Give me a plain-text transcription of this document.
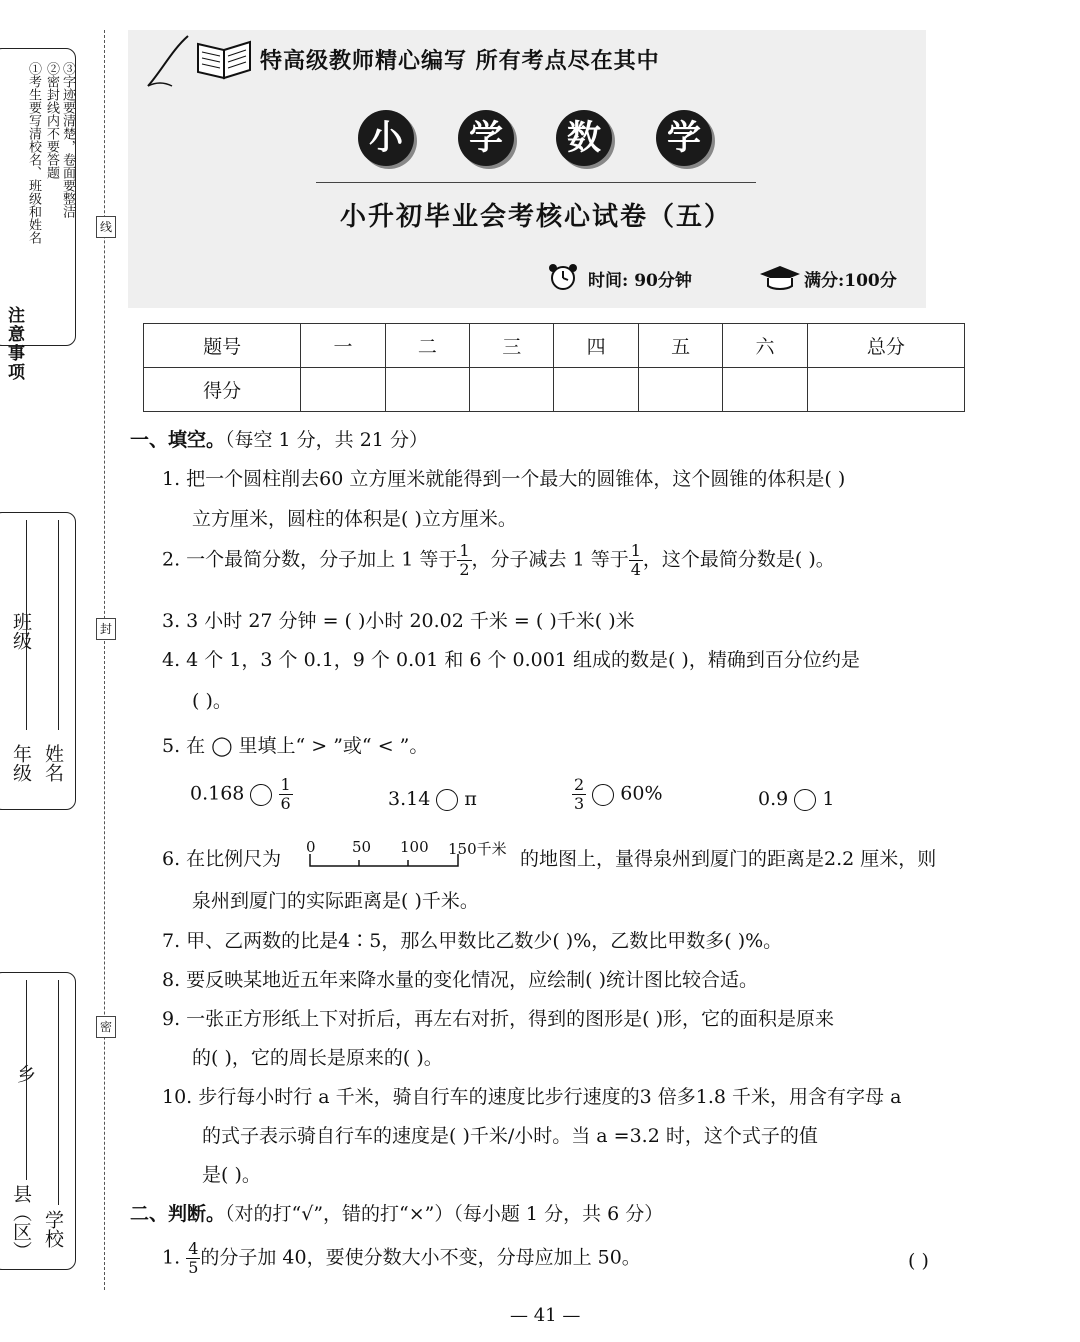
注意事项
①考生要写清校名、班级和姓名 ②密封线内不要答题 ③字迹要清楚，卷面要整洁
年级 姓名
班级
县（区）
乡
学校
线
封
密
特高级教师精心编写 所有考点尽在其中
小	学	数	学
小升初毕业会考核心试卷（五）
时间: 90分钟	满分:100分
题号	一	二	三	四	五	六	总分
得分							
一、填空。（每空 1 分，共 21 分）
1. 把一个圆柱削去60 立方厘米就能得到一个最大的圆锥体，这个圆锥的体积是( )
立方厘米，圆柱的体积是( )立方厘米。
2. 一个最简分数，分子加上 1 等于 $\frac{1}{2}$ ，分子减去 1 等于 $\frac{1}{4}$ ，这个最简分数是( )。
3. 3 小时 27 分钟 = ( )小时 20.02 千米 = ( )千米( )米
4. 4 个 1，3 个 0.1，9 个 0.01 和 6 个 0.001 组成的数是( )，精确到百分位约是
( )。
5. 在 ◯ 里填上“ > ”或“ < ”。
$0.168 \frac{1}{6}$	3.14 π	$\frac{2}{3} 60\%$	0.9̇ 1
6. 在比例尺为
0 50 100 150千米 的地图上，量得泉州到厦门的距离是2.2 厘米，则
泉州到厦门的实际距离是( )千米。
7. 甲、乙两数的比是4∶5，那么甲数比乙数少( )%，乙数比甲数多( )%。
8. 要反映某地近五年来降水量的变化情况，应绘制( )统计图比较合适。
9. 一张正方形纸上下对折后，再左右对折，得到的图形是( )形，它的面积是原来
的( )，它的周长是原来的( )。
10. 步行每小时行 a 千米，骑自行车的速度比步行速度的3 倍多1.8 千米，用含有字母 a
的式子表示骑自行车的速度是( )千米/小时。当 a =3.2 时，这个式子的值
是( )。
二、判断。（对的打“√”，错的打“×”）（每小题 1 分，共 6 分）
1. $\frac{4}{5}$ 的分子加 40，要使分数大小不变，分母应加上 50。	( )
— 41 —
